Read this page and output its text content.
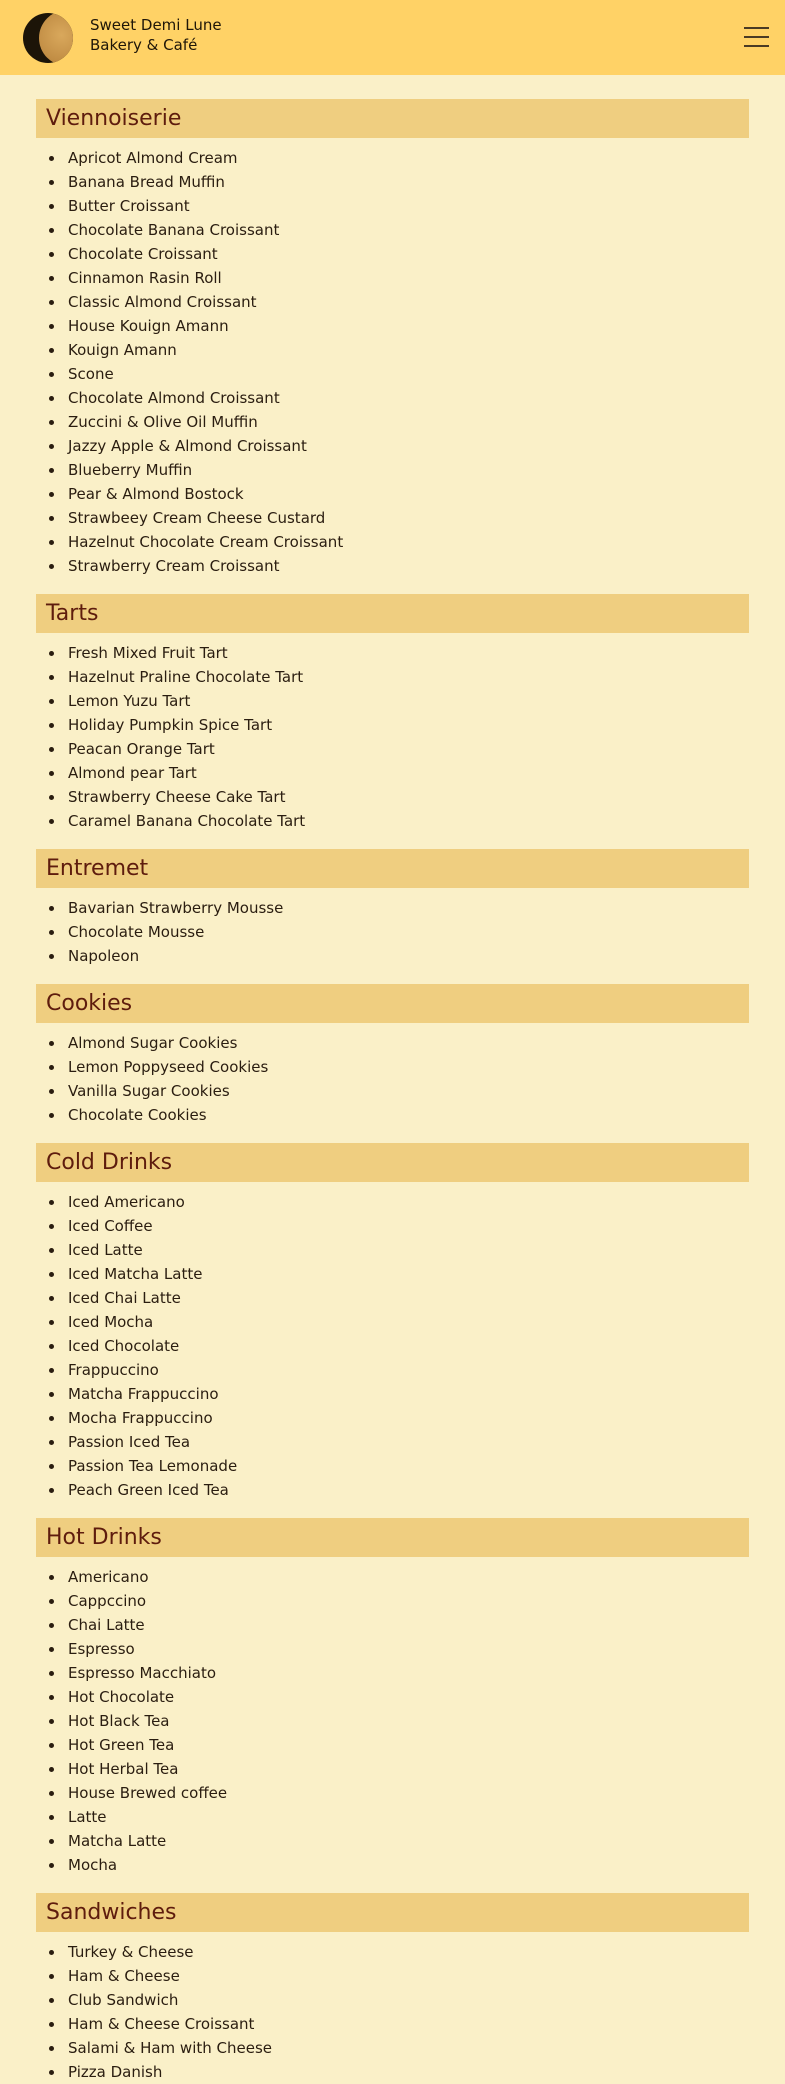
Sweet Demi Lune
Bakery & Café
Viennoiserie
Apricot Almond Cream
Banana Bread Muffin
Butter Croissant
Chocolate Banana Croissant
Chocolate Croissant
Cinnamon Rasin Roll
Classic Almond Croissant
House Kouign Amann
Kouign Amann
Scone
Chocolate Almond Croissant
Zuccini & Olive Oil Muffin
Jazzy Apple & Almond Croissant
Blueberry Muffin
Pear & Almond Bostock
Strawbeey Cream Cheese Custard
Hazelnut Chocolate Cream Croissant
Strawberry Cream Croissant
Tarts
Fresh Mixed Fruit Tart
Hazelnut Praline Chocolate Tart
Lemon Yuzu Tart
Holiday Pumpkin Spice Tart
Peacan Orange Tart
Almond pear Tart
Strawberry Cheese Cake Tart
Caramel Banana Chocolate Tart
Entremet
Bavarian Strawberry Mousse
Chocolate Mousse
Napoleon
Cookies
Almond Sugar Cookies
Lemon Poppyseed Cookies
Vanilla Sugar Cookies
Chocolate Cookies
Cold Drinks
Iced Americano
Iced Coffee
Iced Latte
Iced Matcha Latte
Iced Chai Latte
Iced Mocha
Iced Chocolate
Frappuccino
Matcha Frappuccino
Mocha Frappuccino
Passion Iced Tea
Passion Tea Lemonade
Peach Green Iced Tea
Hot Drinks
Americano
Cappccino
Chai Latte
Espresso
Espresso Macchiato
Hot Chocolate
Hot Black Tea
Hot Green Tea
Hot Herbal Tea
House Brewed coffee
Latte
Matcha Latte
Mocha
Sandwiches
Turkey & Cheese
Ham & Cheese
Club Sandwich
Ham & Cheese Croissant
Salami & Ham with Cheese
Pizza Danish
